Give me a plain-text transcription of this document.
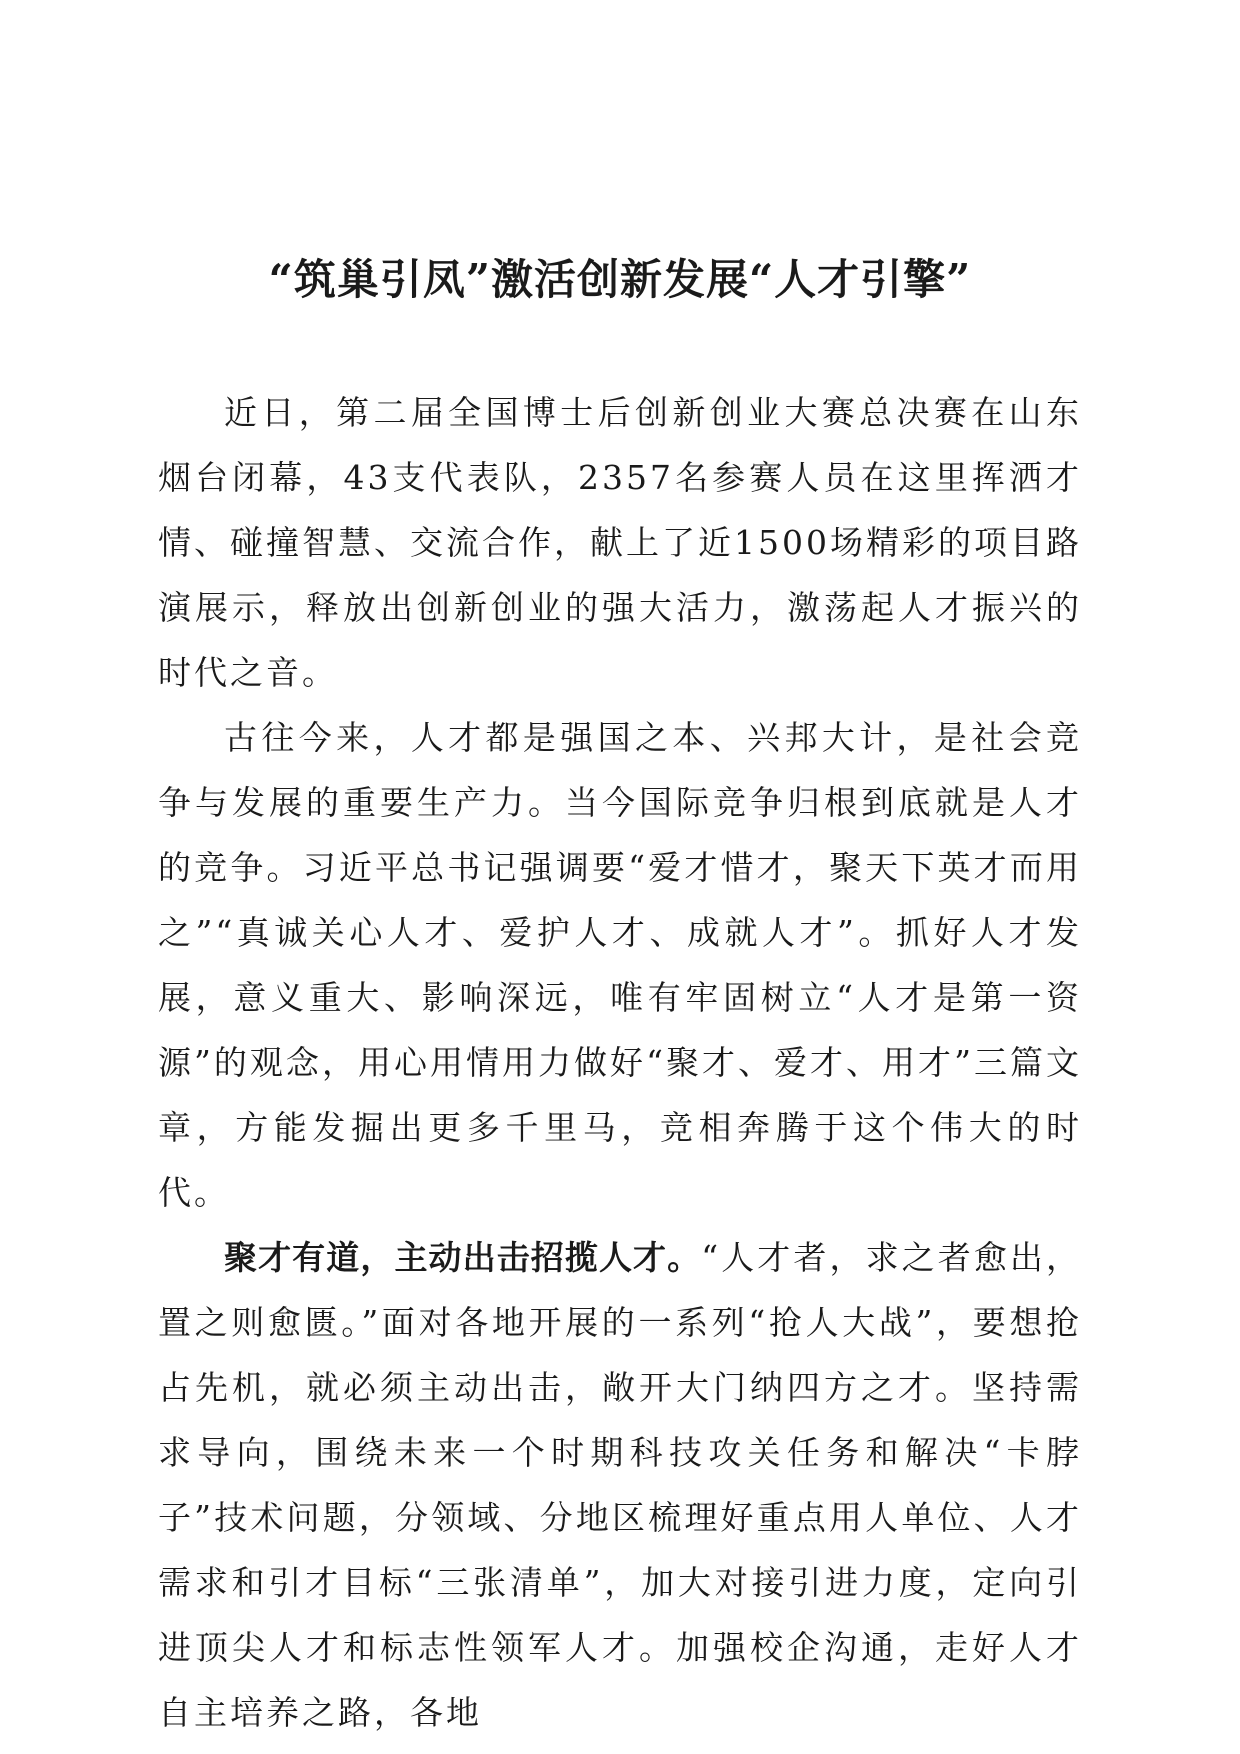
“筑巢引凤”激活创新发展“人才引擎”

近日，第二届全国博士后创新创业大赛总决赛在山东烟台闭幕，43支代表队，2357名参赛人员在这里挥洒才情、碰撞智慧、交流合作，献上了近1500场精彩的项目路演展示，释放出创新创业的强大活力，激荡起人才振兴的时代之音。

古往今来，人才都是强国之本、兴邦大计，是社会竞争与发展的重要生产力。当今国际竞争归根到底就是人才的竞争。习近平总书记强调要“爱才惜才，聚天下英才而用之”“真诚关心人才、爱护人才、成就人才”。抓好人才发展，意义重大、影响深远，唯有牢固树立“人才是第一资源”的观念，用心用情用力做好“聚才、爱才、用才”三篇文章，方能发掘出更多千里马，竞相奔腾于这个伟大的时代。

聚才有道，主动出击招揽人才。“人才者，求之者愈出，置之则愈匮。”面对各地开展的一系列“抢人大战”，要想抢占先机，就必须主动出击，敞开大门纳四方之才。坚持需求导向，围绕未来一个时期科技攻关任务和解决“卡脖子”技术问题，分领域、分地区梳理好重点用人单位、人才需求和引才目标“三张清单”，加大对接引进力度，定向引进顶尖人才和标志性领军人才。加强校企沟通，走好人才自主培养之路，各地
